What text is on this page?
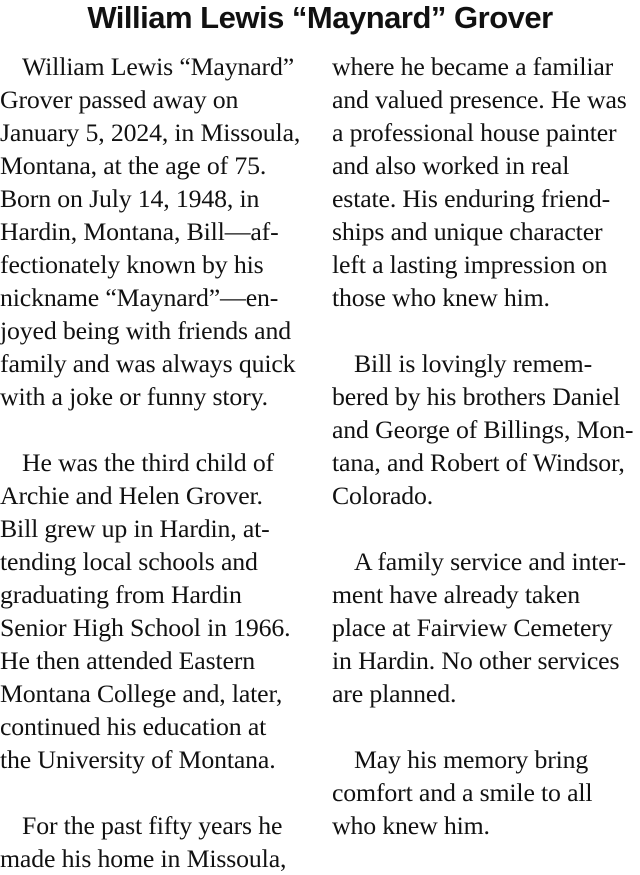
William Lewis “Maynard” Grover
William Lewis “Maynard”
Grover passed away on
January 5, 2024, in Missoula,
Montana, at the age of 75.
Born on July 14, 1948, in
Hardin, Montana, Bill—af-
fectionately known by his
nickname “Maynard”—en-
joyed being with friends and
family and was always quick
with a joke or funny story.
He was the third child of
Archie and Helen Grover.
Bill grew up in Hardin, at-
tending local schools and
graduating from Hardin
Senior High School in 1966.
He then attended Eastern
Montana College and, later,
continued his education at
the University of Montana.
For the past fifty years he
made his home in Missoula,
where he became a familiar
and valued presence. He was
a professional house painter
and also worked in real
estate. His enduring friend-
ships and unique character
left a lasting impression on
those who knew him.
Bill is lovingly remem-
bered by his brothers Daniel
and George of Billings, Mon-
tana, and Robert of Windsor,
Colorado.
A family service and inter-
ment have already taken
place at Fairview Cemetery
in Hardin. No other services
are planned.
May his memory bring
comfort and a smile to all
who knew him.
